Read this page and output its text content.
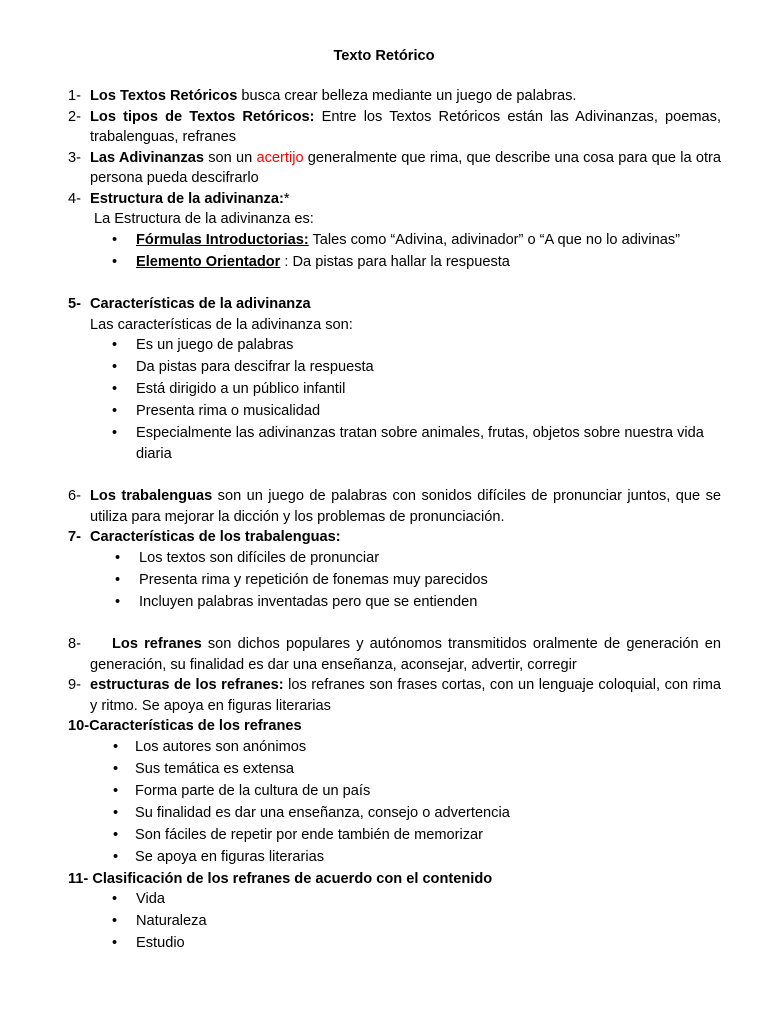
Texto Retórico
1- Los Textos Retóricos busca crear belleza mediante un juego de palabras.
2- Los tipos de Textos Retóricos: Entre los Textos Retóricos están las Adivinanzas, poemas, trabalenguas, refranes
3- Las Adivinanzas son un acertijo generalmente que rima, que describe una cosa para que la otra persona pueda descifrarlo
4- Estructura de la adivinanza:*
La Estructura de la adivinanza es:
• Fórmulas Introductorias: Tales como “Adivina, adivinador” o “A que no lo adivinas”
• Elemento Orientador : Da pistas para hallar la respuesta
5- Características de la adivinanza
Las características de la adivinanza son:
• Es un juego de palabras
• Da pistas para descifrar la respuesta
• Está dirigido a un público infantil
• Presenta rima o musicalidad
• Especialmente las adivinanzas tratan sobre animales, frutas, objetos sobre nuestra vida diaria
6- Los trabalenguas son un juego de palabras con sonidos difíciles de pronunciar juntos, que se utiliza para mejorar la dicción y los problemas de pronunciación.
7- Características de los trabalenguas:
• Los textos son difíciles de pronunciar
• Presenta rima y repetición de fonemas muy parecidos
• Incluyen palabras inventadas pero que se entienden
8- Los refranes son dichos populares y autónomos transmitidos oralmente de generación en generación, su finalidad es dar una enseñanza, aconsejar, advertir, corregir
9- estructuras de los refranes: los refranes son frases cortas, con un lenguaje coloquial, con rima y ritmo. Se apoya en figuras literarias
10-Características de los refranes
• Los autores son anónimos
• Sus temática es extensa
• Forma parte de la cultura de un país
• Su finalidad es dar una enseñanza, consejo o advertencia
• Son fáciles de repetir por ende también de memorizar
• Se apoya en figuras literarias
11- Clasificación de los refranes de acuerdo con el contenido
• Vida
• Naturaleza
• Estudio
